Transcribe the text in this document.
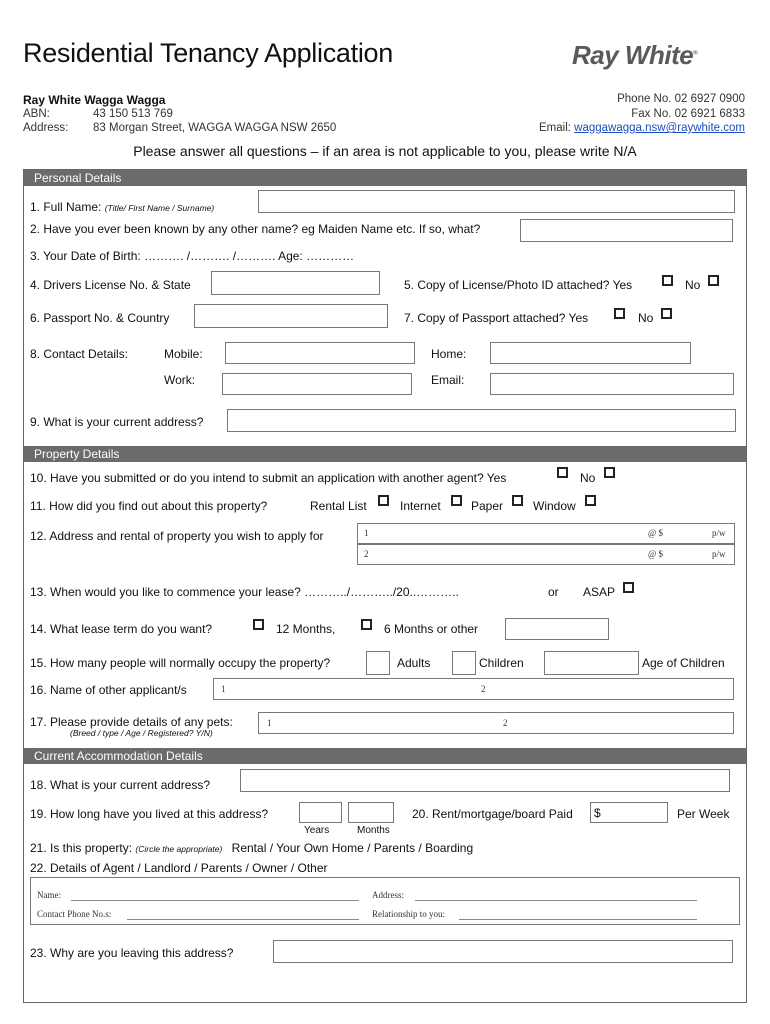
Residential Tenancy Application	Ray White®
Ray White Wagga Wagga
ABN:	43 150 513 769
Address: 83 Morgan Street, WAGGA WAGGA NSW 2650
Phone No. 02 6927 0900
Fax No. 02 6921 6833
Email: waggawagga.nsw@raywhite.com
Please answer all questions – if an area is not applicable to you, please write N/A
Personal Details
1. Full Name: (Title/ First Name / Surname)
2. Have you ever been known by any other name? eg Maiden Name etc. If so, what?
3. Your Date of Birth: ………. /………. /………. Age: …………
4. Drivers License No. & State	5. Copy of License/Photo ID attached? Yes	No
6. Passport No. & Country	7. Copy of Passport attached? Yes	No
8. Contact Details:	Mobile:	Home:
Work:	Email:
9. What is your current address?
Property Details
10. Have you submitted or do you intend to submit an application with another agent? Yes	No
11. How did you find out about this property?	Rental List	Internet	Paper Window
12. Address and rental of property you wish to apply for	1	@ $	p/w
2	@ $	p/w
13. When would you like to commence your lease? ………../………../20..………..	or ASAP
14. What lease term do you want?	12 Months,	6 Months or other
15. How many people will normally occupy the property?	Adults	Children	Age of Children
16. Name of other applicant/s	1	2
17. Please provide details of any pets:
(Breed / type / Age / Registered? Y/N)
1	2
Current Accommodation Details
18. What is your current address?
19. How long have you lived at this address?
Years	Months
20. Rent/mortgage/board Paid $	Per Week
21. Is this property: (Circle the appropriate) Rental / Your Own Home / Parents / Boarding
22. Details of Agent / Landlord / Parents / Owner / Other
Name:	Address:
Contact Phone No.s:	Relationship to you:
23. Why are you leaving this address?
